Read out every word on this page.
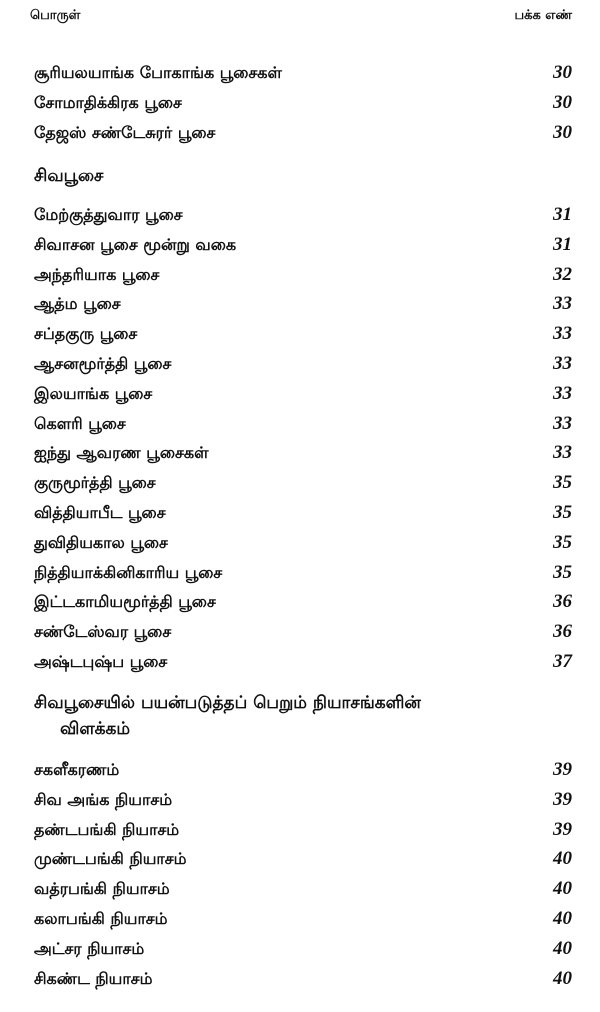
பொருள்	பக்க எண்
சூரியலயாங்க போகாங்க பூசைகள்	30
சோமாதிக்கிரக பூசை	30
தேஜஸ் சண்டேசுரர் பூசை	30
சிவபூசை
மேற்குத்துவார பூசை	31
சிவாசன பூசை மூன்று வகை	31
அந்தரியாக பூசை	32
ஆத்ம பூசை	33
சப்தகுரு பூசை	33
ஆசனமூர்த்தி பூசை	33
இலயாங்க பூசை	33
கௌரி பூசை	33
ஐந்து ஆவரண பூசைகள்	33
குருமூர்த்தி பூசை	35
வித்தியாபீட பூசை	35
துவிதியகால பூசை	35
நித்தியாக்கினிகாரிய பூசை	35
இட்டகாமியமூர்த்தி பூசை	36
சண்டேஸ்வர பூசை	36
அஷ்டபுஷ்ப பூசை	37
சிவபூசையில் பயன்படுத்தப் பெறும் நியாசங்களின்
விளக்கம்
சகளீகரணம்	39
சிவ அங்க நியாசம்	39
தண்டபங்கி நியாசம்	39
முண்டபங்கி நியாசம்	40
வத்ரபங்கி நியாசம்	40
கலாபங்கி நியாசம்	40
அட்சர நியாசம்	40
சிகண்ட நியாசம்	40
